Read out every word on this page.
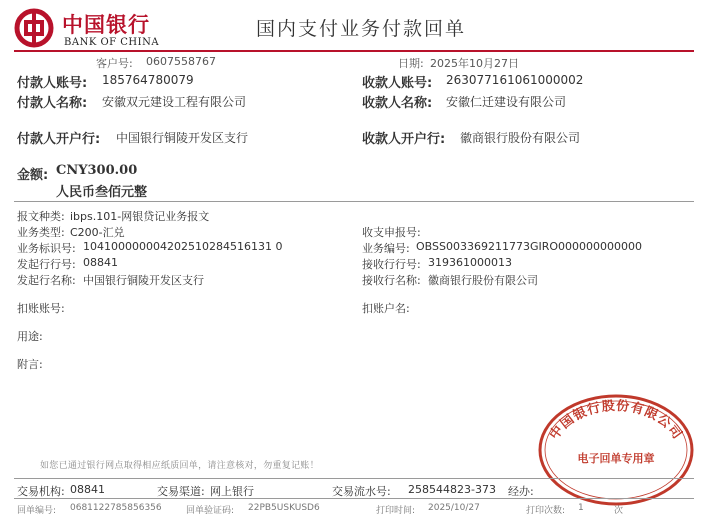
中国银行
BANK OF CHINA
国内支付业务付款回单
客户号: 0607558767	日期: 2025年10月27日
付款人账号: 185764780079	收款人账号: 263077161061000002
付款人名称: 安徽双元建设工程有限公司	收款人名称: 安徽仁迁建设有限公司
付款人开户行: 中国银行铜陵开发区支行	收款人开户行: 徽商银行股份有限公司
金额: CNY300.00
人民币叁佰元整
报文种类: ibps.101-网银贷记业务报文
业务类型: C200-汇兑
业务标识号: 104100000004202510284516131 0
发起行行号: 08841
发起行名称: 中国银行铜陵开发区支行
收支申报号:
业务编号: OBSS003369211773GIRO000000000000
接收行行号: 319361000013
接收行名称: 徽商银行股份有限公司
扣账账号:	扣账户名:
用途:
附言:
如您已通过银行网点取得相应纸质回单，请注意核对，勿重复记账！
中国银行股份有限公司
电子回单专用章
交易机构: 08841	交易渠道: 网上银行	交易流水号: 258544823-373 经办:
回单编号: 0681122785856356	回单验证码: 22PB5USKUSD6	打印时间: 2025/10/27	打印次数: 1	次
